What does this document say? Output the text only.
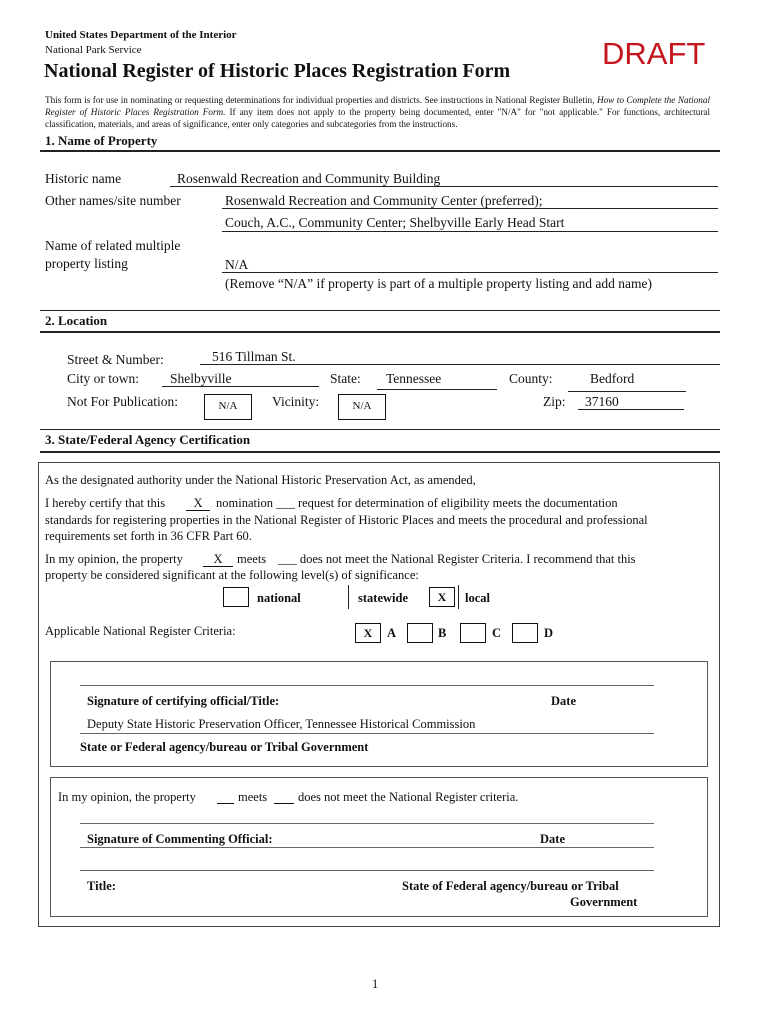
United States Department of the Interior
National Park Service
National Register of Historic Places Registration Form	DRAFT
This form is for use in nominating or requesting determinations for individual properties and districts. See instructions in National Register Bulletin, How to Complete the National Register of Historic Places Registration Form. If any item does not apply to the property being documented, enter "N/A" for "not applicable." For functions, architectural classification, materials, and areas of significance, enter only categories and subcategories from the instructions.
1. Name of Property
Historic name	Rosenwald Recreation and Community Building
Other names/site number	Rosenwald Recreation and Community Center (preferred);
Couch, A.C., Community Center; Shelbyville Early Head Start
Name of related multiple
property listing	N/A
(Remove “N/A” if property is part of a multiple property listing and add name)
2. Location
Street & Number:	516 Tillman St.
City or town: Shelbyville	State: Tennessee	County:	Bedford
Not For Publication:	N/A	Vicinity:	N/A	Zip: 37160
3. State/Federal Agency Certification
As the designated authority under the National Historic Preservation Act, as amended,
I hereby certify that this	X	nomination ___ request for determination of eligibility meets the documentation
standards for registering properties in the National Register of Historic Places and meets the procedural and professional
requirements set forth in 36 CFR Part 60.
In my opinion, the property	X	meets ___ does not meet the National Register Criteria. I recommend that this
property be considered significant at the following level(s) of significance:
national	statewide	X	local
Applicable National Register Criteria:	X	A	B	C	D
Signature of certifying official/Title:	Date
Deputy State Historic Preservation Officer, Tennessee Historical Commission
State or Federal agency/bureau or Tribal Government
In my opinion, the property	meets does not meet the National Register criteria.
Signature of Commenting Official:	Date
Title:	State of Federal agency/bureau or Tribal
Government
1
